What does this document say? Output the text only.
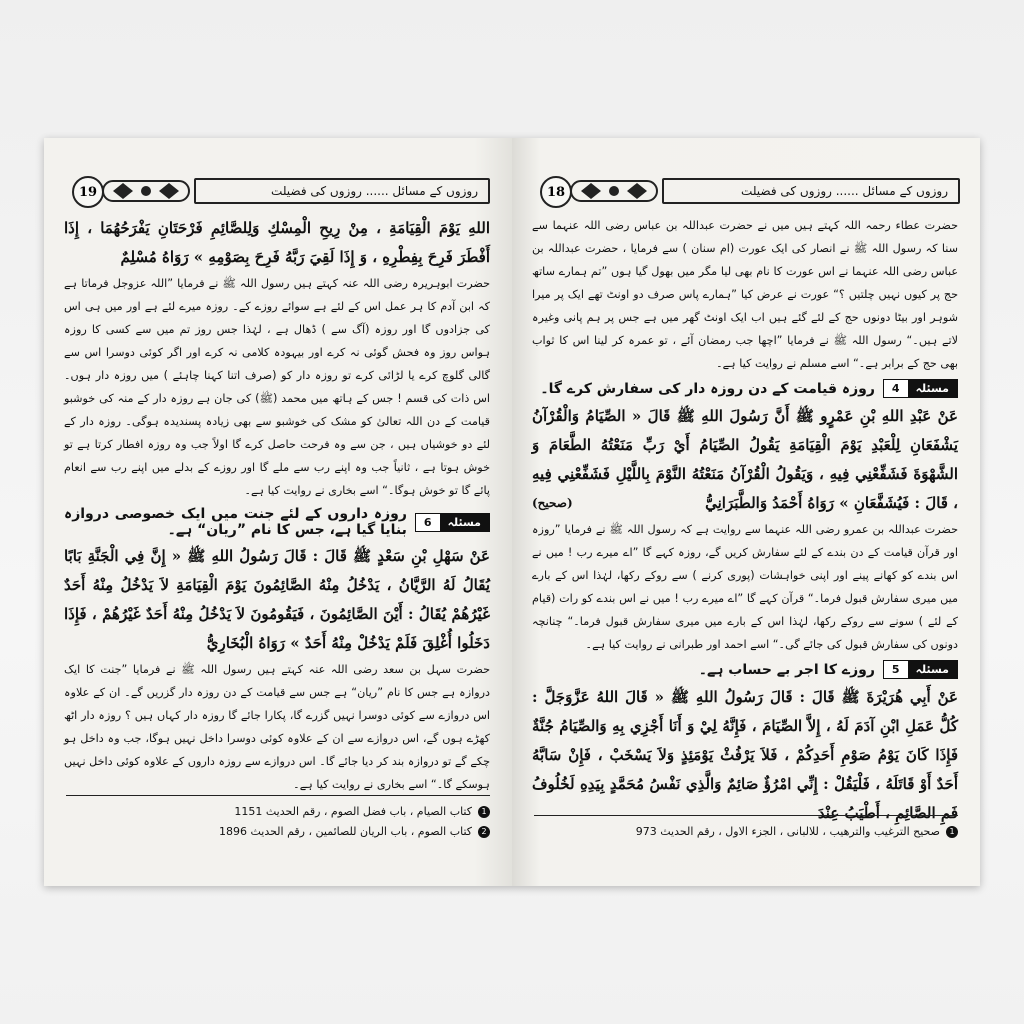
19	روزوں کے مسائل ...... روزوں کی فضیلت

اللهِ يَوْمَ الْقِيَامَةِ ، مِنْ رِيحِ الْمِسْكِ وَلِلصَّائِمِ فَرْحَتَانِ يَفْرَحُهُمَا ، إِذَا أَفْطَرَ فَرِحَ بِفِطْرِهِ ، وَ إِذَا لَقِيَ رَبَّهُ فَرِحَ بِصَوْمِهِ » رَوَاهُ مُسْلِمٌ

حضرت ابوہریرہ رضی اللہ عنہ کہتے ہیں رسول اللہ ﷺ نے فرمایا ”اللہ عزوجل فرماتا ہے کہ ابن آدم کا ہر عمل اس کے لئے ہے سوائے روزے کے۔ روزہ میرے لئے ہے اور میں ہی اس کی جزادوں گا اور روزہ (آگ سے ) ڈھال ہے ، لہٰذا جس روز تم میں سے کسی کا روزہ ہواس روز وہ فحش گوئی نہ کرے اور بیہودہ کلامی نہ کرے اور اگر کوئی دوسرا اس سے گالی گلوچ کرے یا لڑائی کرے تو روزہ دار کو (صرف اتنا کہنا چاہئے ) میں روزہ دار ہوں۔ اس ذات کی قسم ! جس کے ہاتھ میں محمد (ﷺ) کی جان ہے روزہ دار کے منہ کی خوشبو قیامت کے دن اللہ تعالیٰ کو مشک کی خوشبو سے بھی زیادہ پسندیدہ ہوگی۔ روزہ دار کے لئے دو خوشیاں ہیں ، جن سے وہ فرحت حاصل کرے گا اولاً جب وہ روزہ افطار کرتا ہے تو خوش ہوتا ہے ، ثانیاً جب وہ اپنے رب سے ملے گا اور روزے کے بدلے میں اپنے رب سے انعام پائے گا تو خوش ہوگا۔“ اسے بخاری نے روایت کیا ہے۔

مسئلہ
6
روزہ داروں کے لئے جنت میں ایک خصوصی دروازہ بنایا گیا ہے، جس کا نام ”ریان“ ہے۔

عَنْ سَهْلِ بْنِ سَعْدٍ ﷺ قَالَ : قَالَ رَسُولُ اللهِ ﷺ « إِنَّ فِي الْجَنَّةِ بَابًا يُقَالُ لَهُ الرَّيَّانُ ، يَدْخُلُ مِنْهُ الصَّائِمُونَ يَوْمَ الْقِيَامَةِ لاَ يَدْخُلُ مِنْهُ أَحَدٌ غَيْرُهُمْ يُقَالُ : أَيْنَ الصَّائِمُونَ ، فَيَقُومُونَ لاَ يَدْخُلُ مِنْهُ أَحَدٌ غَيْرُهُمْ ، فَإِذَا دَخَلُوا أُغْلِقَ فَلَمْ يَدْخُلْ مِنْهُ أَحَدٌ » رَوَاهُ الْبُخَارِيُّ

حضرت سہل بن سعد رضی اللہ عنہ کہتے ہیں رسول اللہ ﷺ نے فرمایا ”جنت کا ایک دروازہ ہے جس کا نام ”ریان“ ہے جس سے قیامت کے دن روزہ دار گزریں گے۔ ان کے علاوہ اس دروازے سے کوئی دوسرا نہیں گزرے گا، پکارا جائے گا روزہ دار کہاں ہیں ؟ روزہ دار اٹھ کھڑے ہوں گے، اس دروازے سے ان کے علاوہ کوئی دوسرا داخل نہیں ہوگا، جب وہ داخل ہو چکے گے تو دروازہ بند کر دیا جائے گا۔ اس دروازے سے روزہ داروں کے علاوہ کوئی داخل نہیں ہوسکے گا۔“ اسے بخاری نے روایت کیا ہے۔

1
کتاب الصیام ، باب فضل الصوم ، رقم الحدیث 1151
2
کتاب الصوم ، باب الریان للصائمین ، رقم الحدیث 1896
18	روزوں کے مسائل ...... روزوں کی فضیلت

حضرت عطاء رحمہ اللہ کہتے ہیں میں نے حضرت عبداللہ بن عباس رضی اللہ عنہما سے سنا کہ رسول اللہ ﷺ نے انصار کی ایک عورت (ام سنان ) سے فرمایا ، حضرت عبداللہ بن عباس رضی اللہ عنہما نے اس عورت کا نام بھی لیا مگر میں بھول گیا ہوں ”تم ہمارے ساتھ حج پر کیوں نہیں چلتیں ؟“ عورت نے عرض کیا ”ہمارے پاس صرف دو اونٹ تھے ایک پر میرا شوہر اور بیٹا دونوں حج کے لئے گئے ہیں اب ایک اونٹ گھر میں ہے جس پر ہم پانی وغیرہ لاتے ہیں۔“ رسول اللہ ﷺ نے فرمایا ”اچھا جب رمضان آئے ، تو عمرہ کر لینا اس کا ثواب بھی حج کے برابر ہے۔“ اسے مسلم نے روایت کیا ہے۔

مسئلہ
4
روزہ قیامت کے دن روزہ دار کی سفارش کرے گا۔

عَنْ عَبْدِ اللهِ بْنِ عَمْرٍو ﷺ أَنَّ رَسُولَ اللهِ ﷺ قَالَ « الصِّيَامُ وَالْقُرْآنُ يَشْفَعَانِ لِلْعَبْدِ يَوْمَ الْقِيَامَةِ يَقُولُ الصِّيَامُ أَيْ رَبِّ مَنَعْتُهُ الطَّعَامَ وَ الشَّهْوَةَ فَشَفِّعْنِي فِيهِ ، وَيَقُولُ الْقُرْآنُ مَنَعْتُهُ النَّوْمَ بِاللَّيْلِ فَشَفِّعْنِي فِيهِ ، قَالَ : فَيُشَفَّعَانِ » رَوَاهُ أَحْمَدُ وَالطَّبَرَانِيُّ
(صحیح)

حضرت عبداللہ بن عمرو رضی اللہ عنہما سے روایت ہے کہ رسول اللہ ﷺ نے فرمایا ”روزہ اور قرآن قیامت کے دن بندے کے لئے سفارش کریں گے، روزہ کہے گا ”اے میرے رب ! میں نے اس بندے کو کھانے پینے اور اپنی خواہشات (پوری کرنے ) سے روکے رکھا، لہٰذا اس کے بارے میں میری سفارش قبول فرما۔“ قرآن کہے گا ”اے میرے رب ! میں نے اس بندے کو رات (قیام کے لئے ) سونے سے روکے رکھا، لہٰذا اس کے بارے میں میری سفارش قبول فرما۔“ چنانچہ دونوں کی سفارش قبول کی جائے گی۔“ اسے احمد اور طبرانی نے روایت کیا ہے۔

مسئلہ
5
روزے کا اجر بے حساب ہے۔

عَنْ أَبِي هُرَيْرَةَ ﷺ قَالَ : قَالَ رَسُولُ اللهِ ﷺ « قَالَ اللهُ عَزَّوَجَلَّ : كُلُّ عَمَلِ ابْنِ آدَمَ لَهُ ، إِلاَّ الصِّيَامَ ، فَإِنَّهُ لِيْ وَ أَنَا أَجْزِي بِهِ وَالصِّيَامُ جُنَّةٌ فَإِذَا كَانَ يَوْمُ صَوْمِ أَحَدِكُمْ ، فَلاَ يَرْفُثْ يَوْمَئِذٍ وَلاَ يَسْخَبْ ، فَإِنْ سَابَّهُ أَحَدٌ أَوْ قَاتَلَهُ ، فَلْيَقُلْ : إِنِّي امْرُؤٌ صَائِمٌ وَالَّذِي نَفْسُ مُحَمَّدٍ بِيَدِهِ لَخُلُوفُ فَمِ الصَّائِمِ ، أَطْيَبُ عِنْدَ

1
صحیح الترغیب والترھیب ، للالبانی ، الجزء الاول ، رقم الحدیث 973
